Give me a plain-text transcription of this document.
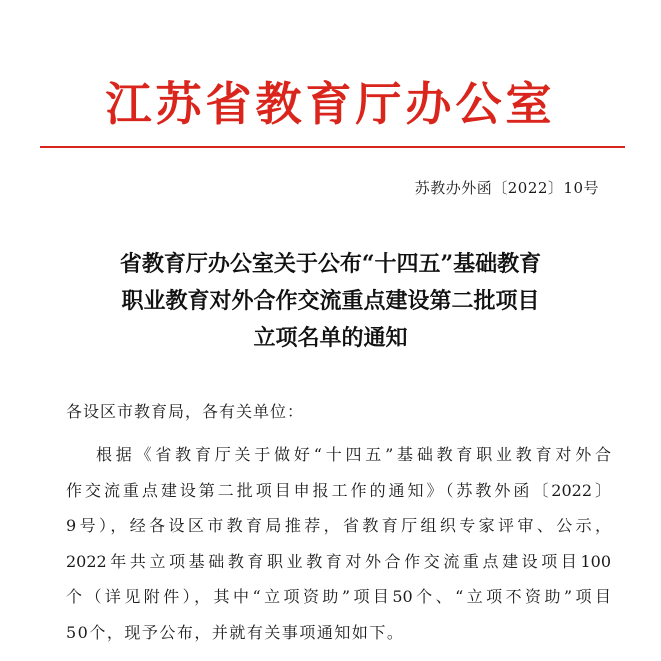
江苏省教育厅办公室
苏教办外函〔2022〕10号
省教育厅办公室关于公布“十四五”基础教育
职业教育对外合作交流重点建设第二批项目
立项名单的通知
各设区市教育局，各有关单位：
根据《省教育厅关于做好“十四五”基础教育职业教育对外合
作交流重点建设第二批项目申报工作的通知》（苏教外函〔2022〕
9号），经各设区市教育局推荐，省教育厅组织专家评审、公示，
2022年共立项基础教育职业教育对外合作交流重点建设项目100
个（详见附件），其中“立项资助”项目50个、“立项不资助”项目
50个，现予公布，并就有关事项通知如下。
